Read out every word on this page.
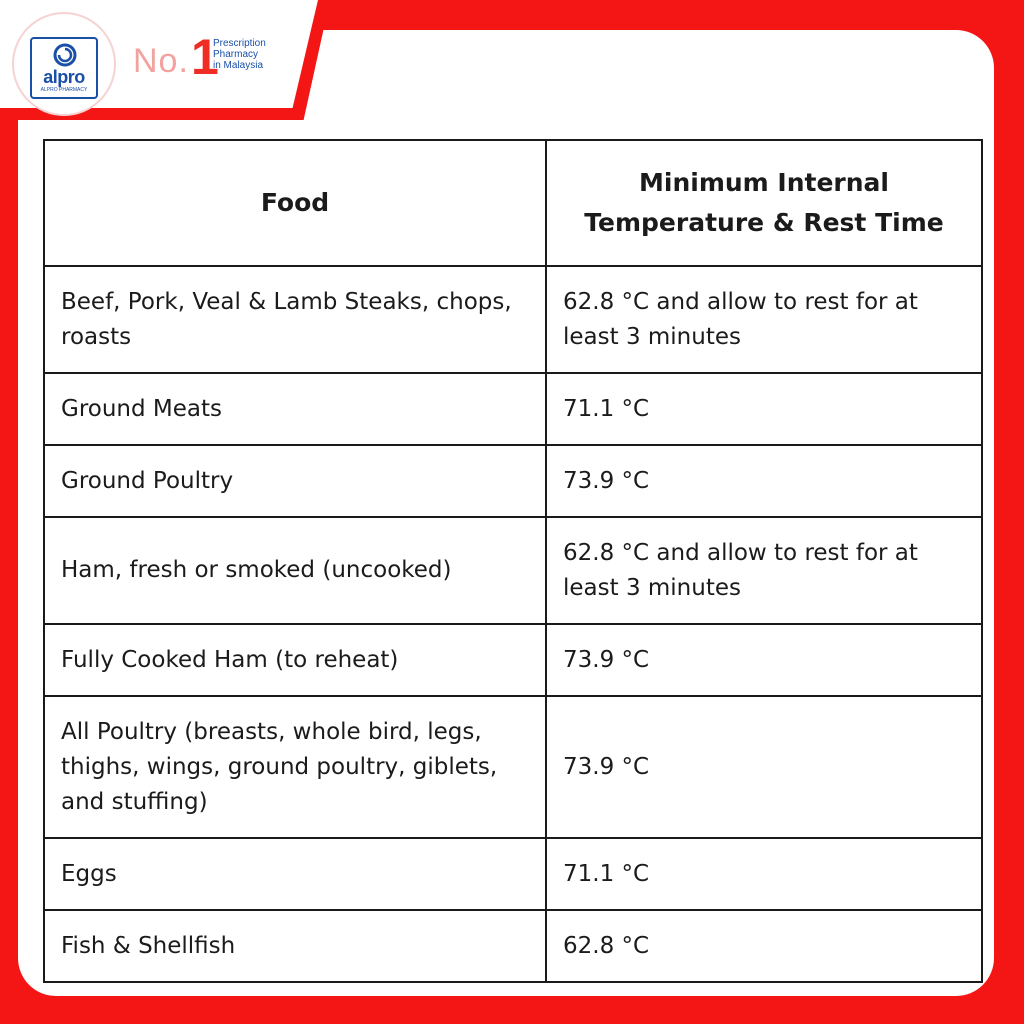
alpro
ALPRO PHARMACY
No. 1
Prescription
Pharmacy
in Malaysia
Food	Minimum Internal Temperature & Rest Time
Beef, Pork, Veal & Lamb Steaks, chops, roasts	62.8 °C and allow to rest for at least 3 minutes
Ground Meats	71.1 °C
Ground Poultry	73.9 °C
Ham, fresh or smoked (uncooked)	62.8 °C and allow to rest for at least 3 minutes
Fully Cooked Ham (to reheat)	73.9 °C
All Poultry (breasts, whole bird, legs, thighs, wings, ground poultry, giblets, and stuffing)	73.9 °C
Eggs	71.1 °C
Fish & Shellfish	62.8 °C
